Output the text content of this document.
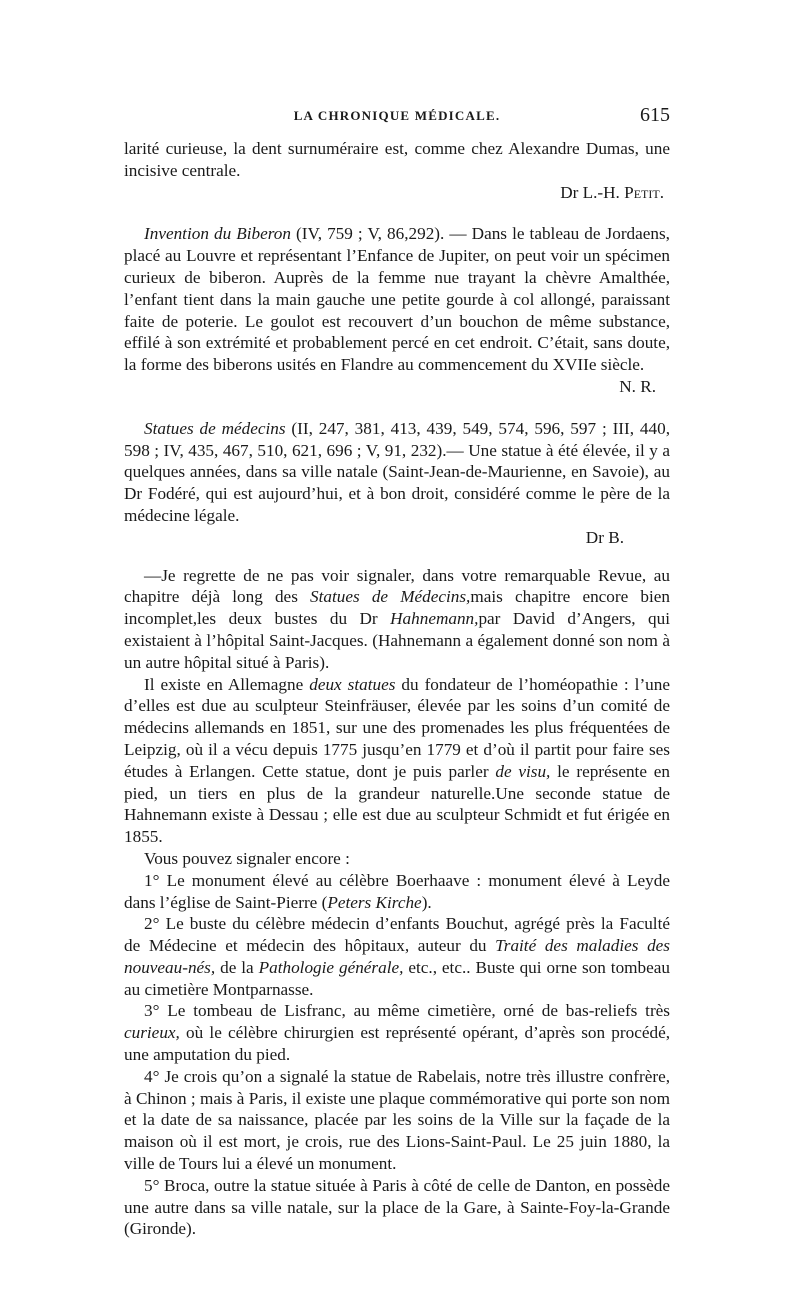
LA CHRONIQUE MÉDICALE.	615

larité curieuse, la dent surnuméraire est, comme chez Alexandre Dumas, une incisive centrale.

Dr L.-H. Petit.

Invention du Biberon (IV, 759 ; V, 86,292). — Dans le tableau de Jordaens, placé au Louvre et représentant l’Enfance de Jupiter, on peut voir un spécimen curieux de biberon. Auprès de la femme nue trayant la chèvre Amalthée, l’enfant tient dans la main gauche une petite gourde à col allongé, paraissant faite de poterie. Le goulot est recouvert d’un bouchon de même substance, effilé à son extrémité et probablement percé en cet endroit. C’était, sans doute, la forme des biberons usités en Flandre au commencement du XVIIe siècle.

N. R.

Statues de médecins (II, 247, 381, 413, 439, 549, 574, 596, 597 ; III, 440, 598 ; IV, 435, 467, 510, 621, 696 ; V, 91, 232).— Une statue à été élevée, il y a quelques années, dans sa ville natale (Saint-Jean-de-Maurienne, en Savoie), au Dr Fodéré, qui est aujourd’hui, et à bon droit, considéré comme le père de la médecine légale.

Dr B.

—Je regrette de ne pas voir signaler, dans votre remarquable Revue, au chapitre déjà long des Statues de Médecins,mais chapitre encore bien incomplet,les deux bustes du Dr Hahnemann,par David d’Angers, qui existaient à l’hôpital Saint-Jacques. (Hahnemann a également donné son nom à un autre hôpital situé à Paris).

Il existe en Allemagne deux statues du fondateur de l’homéopathie : l’une d’elles est due au sculpteur Steinfräuser, élevée par les soins d’un comité de médecins allemands en 1851, sur une des promenades les plus fréquentées de Leipzig, où il a vécu depuis 1775 jusqu’en 1779 et d’où il partit pour faire ses études à Erlangen. Cette statue, dont je puis parler de visu, le représente en pied, un tiers en plus de la grandeur naturelle.Une seconde statue de Hahnemann existe à Dessau ; elle est due au sculpteur Schmidt et fut érigée en 1855.

Vous pouvez signaler encore :

1° Le monument élevé au célèbre Boerhaave : monument élevé à Leyde dans l’église de Saint-Pierre (Peters Kirche).

2° Le buste du célèbre médecin d’enfants Bouchut, agrégé près la Faculté de Médecine et médecin des hôpitaux, auteur du Traité des maladies des nouveau-nés, de la Pathologie générale, etc., etc.. Buste qui orne son tombeau au cimetière Montparnasse.

3° Le tombeau de Lisfranc, au même cimetière, orné de bas-reliefs très curieux, où le célèbre chirurgien est représenté opérant, d’après son procédé, une amputation du pied.

4° Je crois qu’on a signalé la statue de Rabelais, notre très illustre confrère, à Chinon ; mais à Paris, il existe une plaque commémorative qui porte son nom et la date de sa naissance, placée par les soins de la Ville sur la façade de la maison où il est mort, je crois, rue des Lions-Saint-Paul. Le 25 juin 1880, la ville de Tours lui a élevé un monument.

5° Broca, outre la statue située à Paris à côté de celle de Danton, en possède une autre dans sa ville natale, sur la place de la Gare, à Sainte-Foy-la-Grande (Gironde).
